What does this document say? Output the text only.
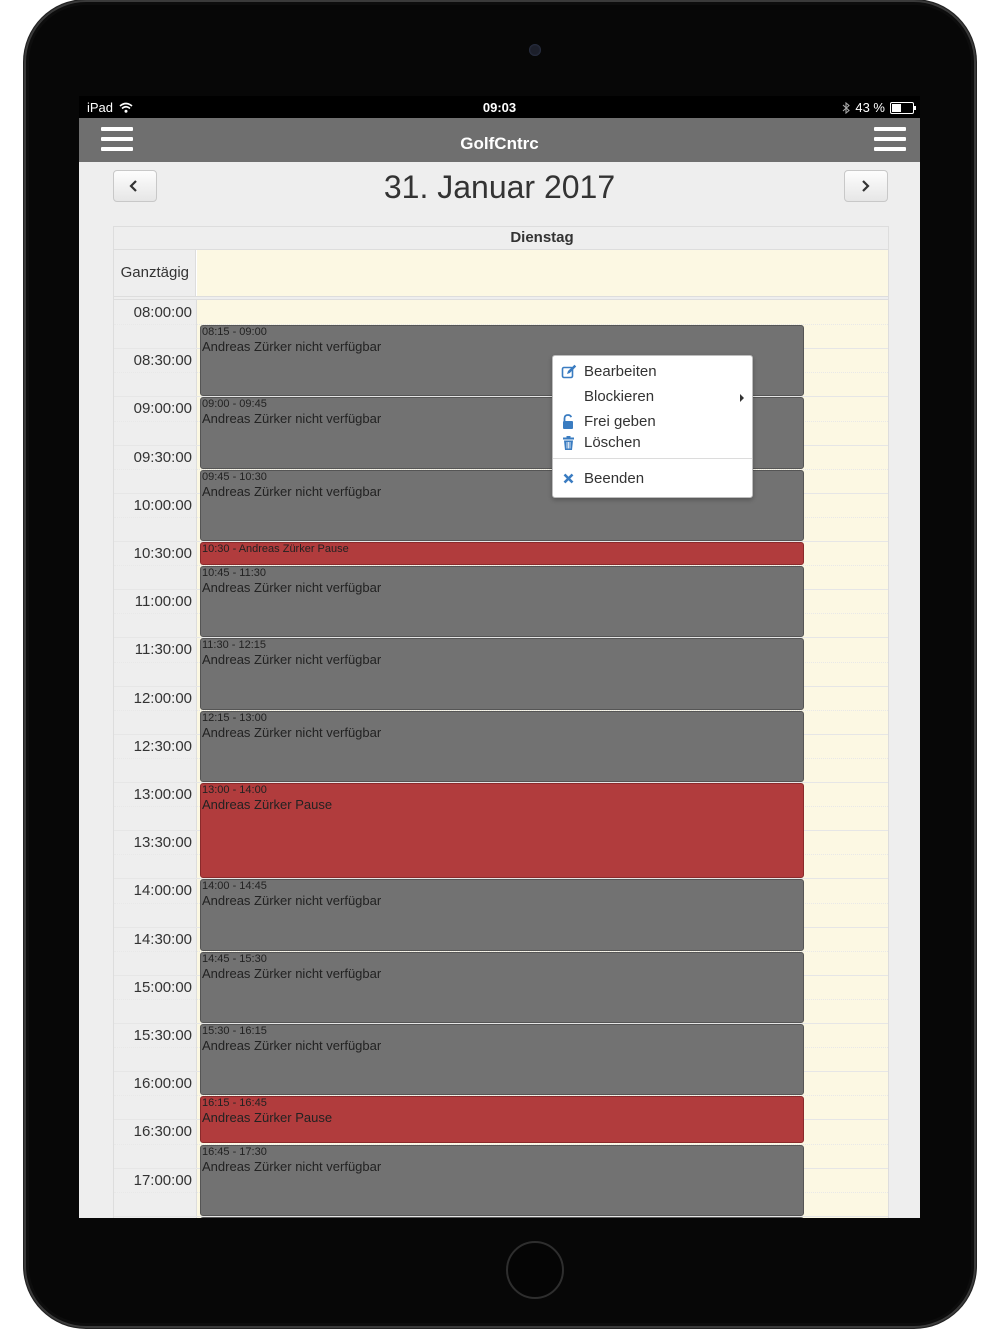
iPad	09:03	43 %
GolfCntrc
31. Januar 2017
Dienstag
Ganztägig
08:00:00
08:30:00
09:00:00
09:30:00
10:00:00
10:30:00
11:00:00
11:30:00
12:00:00
12:30:00
13:00:00
13:30:00
14:00:00
14:30:00
15:00:00
15:30:00
16:00:00
16:30:00
17:00:00
08:15 - 09:00
Andreas Zürker nicht verfügbar
09:00 - 09:45
Andreas Zürker nicht verfügbar
09:45 - 10:30
Andreas Zürker nicht verfügbar
10:30 - Andreas Zürker Pause
10:45 - 11:30
Andreas Zürker nicht verfügbar
11:30 - 12:15
Andreas Zürker nicht verfügbar
12:15 - 13:00
Andreas Zürker nicht verfügbar
13:00 - 14:00
Andreas Zürker Pause
14:00 - 14:45
Andreas Zürker nicht verfügbar
14:45 - 15:30
Andreas Zürker nicht verfügbar
15:30 - 16:15
Andreas Zürker nicht verfügbar
16:15 - 16:45
Andreas Zürker Pause
16:45 - 17:30
Andreas Zürker nicht verfügbar
Bearbeiten
Blockieren
Frei geben
Löschen
Beenden
